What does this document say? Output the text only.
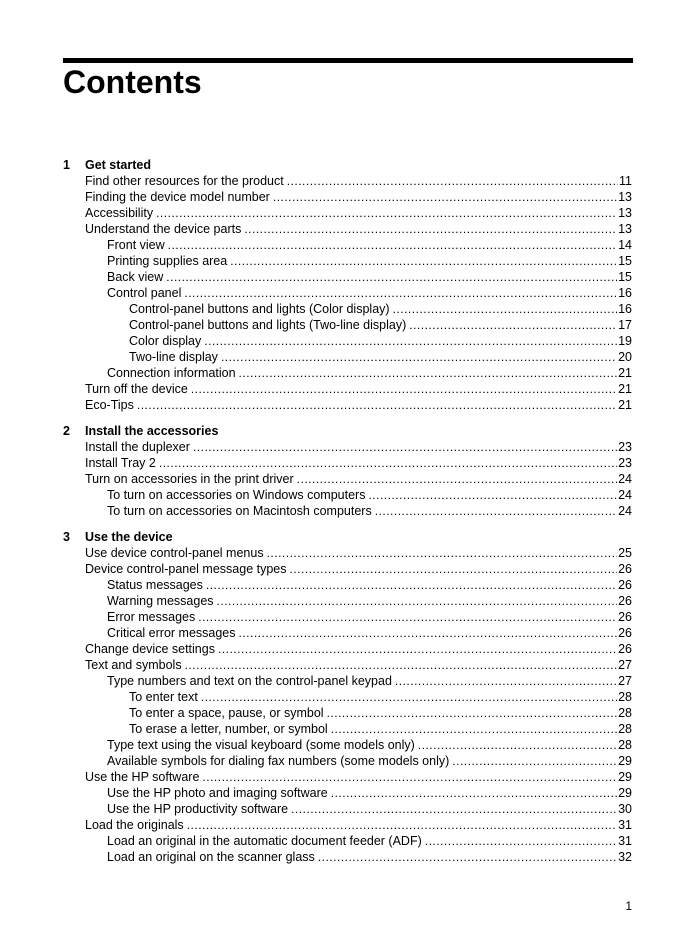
Contents
1 Get started
Find other resources for the product .....	11
Finding the device model number .....	13
Accessibility .....	13
Understand the device parts .....	13
Front view .....	14
Printing supplies area .....	15
Back view .....	15
Control panel .....	16
Control-panel buttons and lights (Color display) .....	16
Control-panel buttons and lights (Two-line display) .....	17
Color display .....	19
Two-line display .....	20
Connection information .....	21
Turn off the device .....	21
Eco-Tips .....	21
2 Install the accessories
Install the duplexer .....	23
Install Tray 2 .....	23
Turn on accessories in the print driver .....	24
To turn on accessories on Windows computers .....	24
To turn on accessories on Macintosh computers .....	24
3 Use the device
Use device control-panel menus .....	25
Device control-panel message types .....	26
Status messages .....	26
Warning messages .....	26
Error messages .....	26
Critical error messages .....	26
Change device settings .....	26
Text and symbols .....	27
Type numbers and text on the control-panel keypad .....	27
To enter text .....	28
To enter a space, pause, or symbol .....	28
To erase a letter, number, or symbol .....	28
Type text using the visual keyboard (some models only) .....	28
Available symbols for dialing fax numbers (some models only) .....	29
Use the HP software .....	29
Use the HP photo and imaging software .....	29
Use the HP productivity software .....	30
Load the originals .....	31
Load an original in the automatic document feeder (ADF) .....	31
Load an original on the scanner glass .....	32
1
